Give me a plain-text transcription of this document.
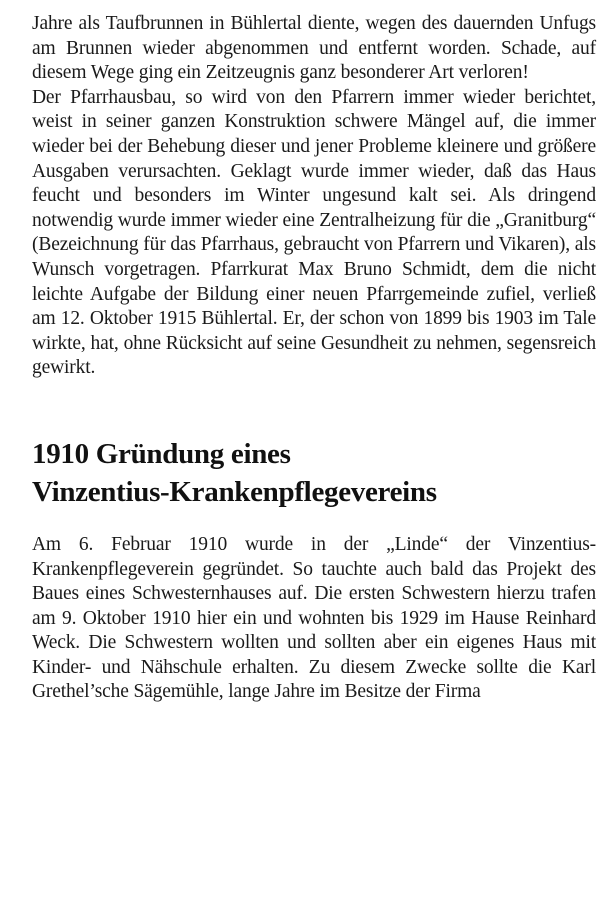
Jahre als Taufbrunnen in Bühlertal diente, wegen des dauernden Unfugs am Brunnen wieder abgenommen und entfernt worden. Schade, auf diesem Wege ging ein Zeitzeugnis ganz besonderer Art verloren!

Der Pfarrhausbau, so wird von den Pfarrern immer wieder berichtet, weist in seiner ganzen Konstruktion schwere Mängel auf, die immer wieder bei der Behebung dieser und jener Probleme kleinere und größere Ausgaben verursachten. Geklagt wurde immer wieder, daß das Haus feucht und besonders im Winter ungesund kalt sei. Als dringend notwendig wurde immer wieder eine Zentralheizung für die „Granitburg“ (Bezeichnung für das Pfarrhaus, gebraucht von Pfarrern und Vikaren), als Wunsch vorgetragen. Pfarrkurat Max Bruno Schmidt, dem die nicht leichte Aufgabe der Bildung einer neuen Pfarrgemeinde zufiel, verließ am 12. Oktober 1915 Bühlertal. Er, der schon von 1899 bis 1903 im Tale wirkte, hat, ohne Rücksicht auf seine Gesundheit zu nehmen, segensreich gewirkt.

1910 Gründung eines
Vinzentius-Krankenpflegevereins

Am 6. Februar 1910 wurde in der „Linde“ der Vinzentius-Krankenpflegeverein gegründet. So tauchte auch bald das Projekt des Baues eines Schwesternhauses auf. Die ersten Schwestern hierzu trafen am 9. Oktober 1910 hier ein und wohnten bis 1929 im Hause Reinhard Weck. Die Schwestern wollten und sollten aber ein eigenes Haus mit Kinder- und Nähschule erhalten. Zu diesem Zwecke sollte die Karl Grethel’sche Sägemühle, lange Jahre im Besitze der Firma
